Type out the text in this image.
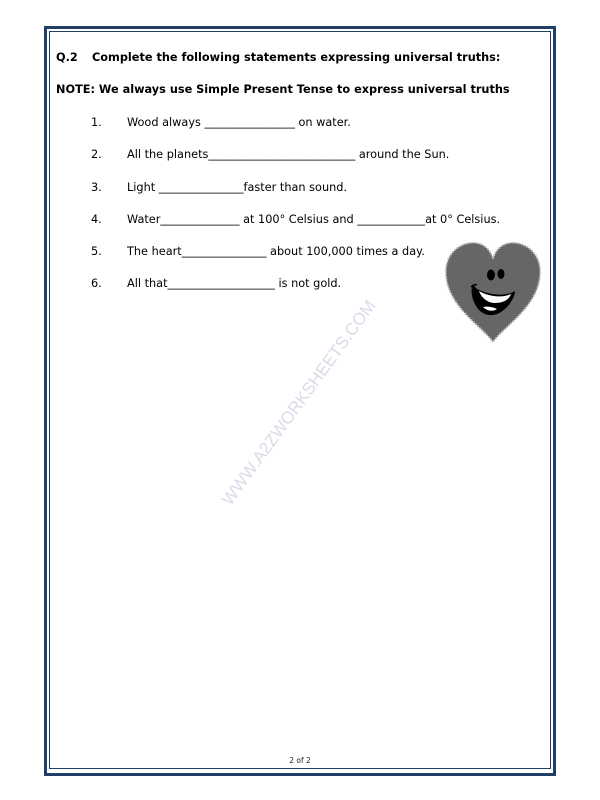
Q.2 Complete the following statements expressing universal truths:
NOTE: We always use Simple Present Tense to express universal truths
1. Wood always ________________ on water.
2. All the planets__________________________ around the Sun.
3. Light _______________faster than sound.
4. Water______________ at 100° Celsius and ____________at 0° Celsius.
5. The heart_______________ about 100,000 times a day.
6. All that___________________ is not gold.
WWW.A2ZWORKSHEETS.COM
2 of 2
